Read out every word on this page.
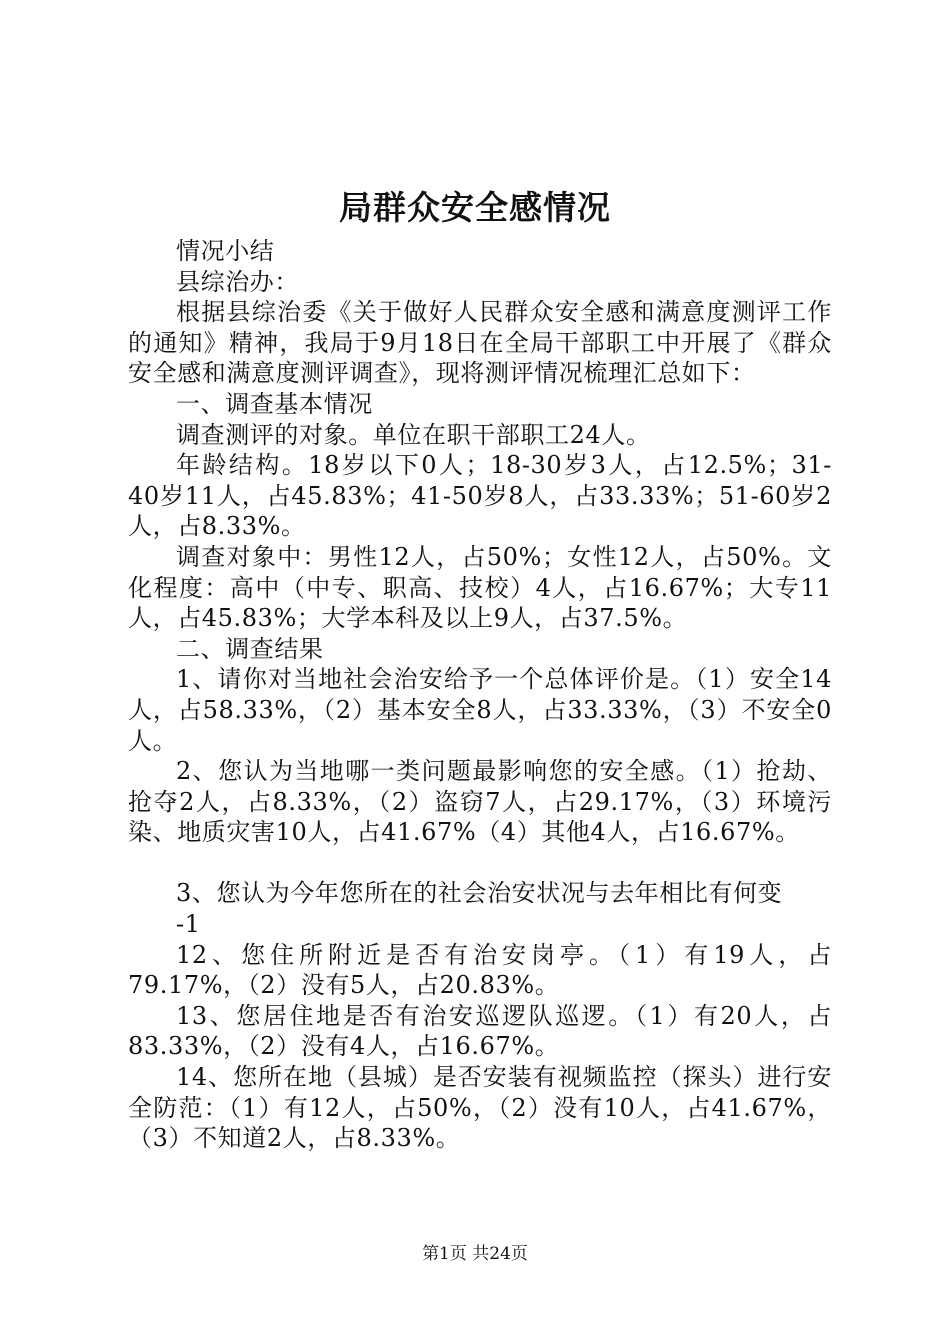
局群众安全感情况

情况小结

县综治办：

根据县综治委《关于做好人民群众安全感和满意度测评工作的通知》精神，我局于9月18日在全局干部职工中开展了《群众安全感和满意度测评调查》，现将测评情况梳理汇总如下：

一、调查基本情况

调查测评的对象。单位在职干部职工24人。

年龄结构。18岁以下0人；18-30岁3人，占12.5%；31-40岁11人，占45.83%；41-50岁8人，占33.33%；51-60岁2人，占8.33%。

调查对象中：男性12人，占50%；女性12人，占50%。文化程度：高中（中专、职高、技校）4人，占16.67%；大专11人，占45.83%；大学本科及以上9人，占37.5%。

二、调查结果

1、请你对当地社会治安给予一个总体评价是。（1）安全14人，占58.33%，（2）基本安全8人，占33.33%，（3）不安全0人。

2、您认为当地哪一类问题最影响您的安全感。（1）抢劫、抢夺2人，占8.33%，（2）盗窃7人，占29.17%，（3）环境污染、地质灾害10人，占41.67%（4）其他4人，占16.67%。

3、您认为今年您所在的社会治安状况与去年相比有何变

-1

12、您住所附近是否有治安岗亭。（1）有19人，占79.17%，（2）没有5人，占20.83%。

13、您居住地是否有治安巡逻队巡逻。（1）有20人，占83.33%，（2）没有4人，占16.67%。

14、您所在地（县城）是否安装有视频监控（探头）进行安全防范：（1）有12人，占50%，（2）没有10人，占41.67%，（3）不知道2人，占8.33%。

第1页 共24页
